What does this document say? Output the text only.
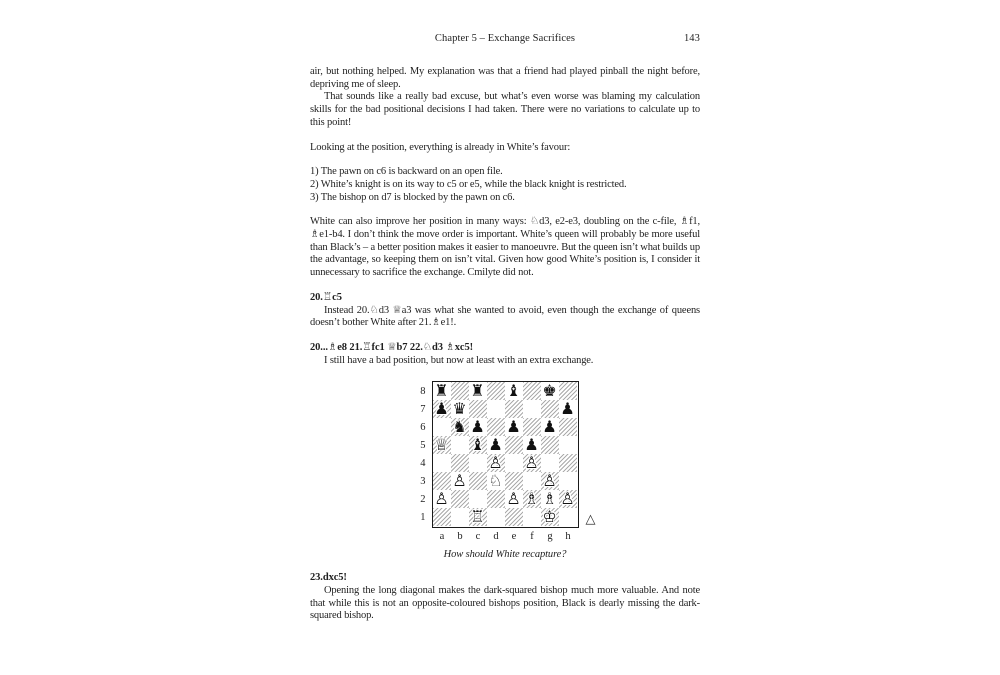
Chapter 5 – Exchange Sacrifices	143

air, but nothing helped. My explanation was that a friend had played pinball the night before, depriving me of sleep.

That sounds like a really bad excuse, but what’s even worse was blaming my calculation skills for the bad positional decisions I had taken. There were no variations to calculate up to this point!

Looking at the position, everything is already in White’s favour:

1) The pawn on c6 is backward on an open file.

2) White’s knight is on its way to c5 or e5, while the black knight is restricted.

3) The bishop on d7 is blocked by the pawn on c6.

White can also improve her position in many ways: ♘d3, e2-e3, doubling on the c-file, ♗f1, ♗e1-b4. I don’t think the move order is important. White’s queen will probably be more useful than Black’s – a better position makes it easier to manoeuvre. But the queen isn’t what builds up the advantage, so keeping them on isn’t vital. Given how good White’s position is, I consider it unnecessary to sacrifice the exchange. Cmilyte did not.

20.♖c5

Instead 20.♘d3 ♕a3 was what she wanted to avoid, even though the exchange of queens doesn’t bother White after 21.♗e1!.

20...♗e8 21.♖fc1 ♕b7 22.♘d3 ♗xc5!

I still have a bad position, but now at least with an extra exchange.

8
7
6
5
4
3
2
1
♜ ♜ ♝ ♚
♟ ♛	♟
♞ ♟ ♟ ♟
♕ ♝ ♟ ♟
♙ ♙
♙ ♘ ♙
♙	♙ ♗ ♗ ♙
♖	♔ △
a	b	c	d	e	f	g	h

How should White recapture?

23.dxc5!

Opening the long diagonal makes the dark-squared bishop much more valuable. And note that while this is not an opposite-coloured bishops position, Black is dearly missing the dark-squared bishop.
